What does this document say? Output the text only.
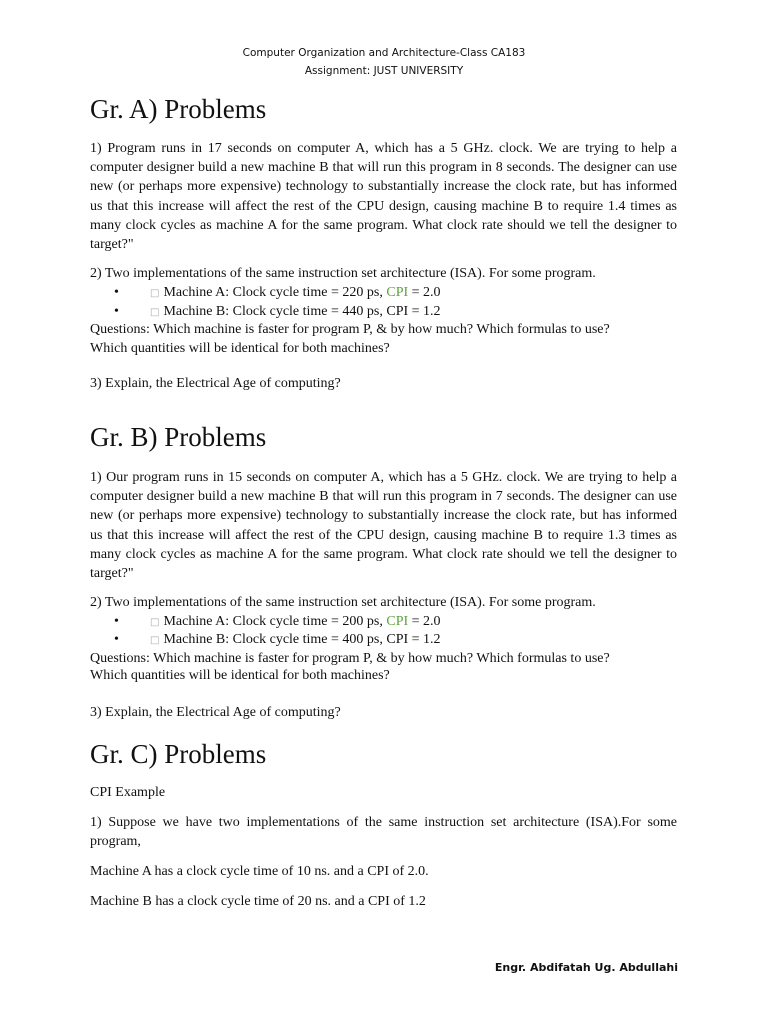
Computer Organization and Architecture-Class CA183
Assignment: JUST UNIVERSITY
Gr. A) Problems
1) Program runs in 17 seconds on computer A, which has a 5 GHz. clock. We are trying to help a computer designer build a new machine B that will run this program in 8 seconds. The designer can use new (or perhaps more expensive) technology to substantially increase the clock rate, but has informed us that this increase will affect the rest of the CPU design, causing machine B to require 1.4 times as many clock cycles as machine A for the same program. What clock rate should we tell the designer to target?"
2) Two implementations of the same instruction set architecture (ISA). For some program.
•	□ Machine A: Clock cycle time = 220 ps, CPI = 2.0
•	□ Machine B: Clock cycle time = 440 ps, CPI = 1.2
Questions: Which machine is faster for program P, & by how much? Which formulas to use?
Which quantities will be identical for both machines?
3) Explain, the Electrical Age of computing?
Gr. B) Problems
1) Our program runs in 15 seconds on computer A, which has a 5 GHz. clock. We are trying to help a computer designer build a new machine B that will run this program in 7 seconds. The designer can use new (or perhaps more expensive) technology to substantially increase the clock rate, but has informed us that this increase will affect the rest of the CPU design, causing machine B to require 1.3 times as many clock cycles as machine A for the same program. What clock rate should we tell the designer to target?"
2) Two implementations of the same instruction set architecture (ISA). For some program.
•	□ Machine A: Clock cycle time = 200 ps, CPI = 2.0
•	□ Machine B: Clock cycle time = 400 ps, CPI = 1.2
Questions: Which machine is faster for program P, & by how much? Which formulas to use?
Which quantities will be identical for both machines?
3) Explain, the Electrical Age of computing?
Gr. C) Problems
CPI Example
1) Suppose we have two implementations of the same instruction set architecture (ISA).For some program,
Machine A has a clock cycle time of 10 ns. and a CPI of 2.0.
Machine B has a clock cycle time of 20 ns. and a CPI of 1.2
Engr. Abdifatah Ug. Abdullahi
